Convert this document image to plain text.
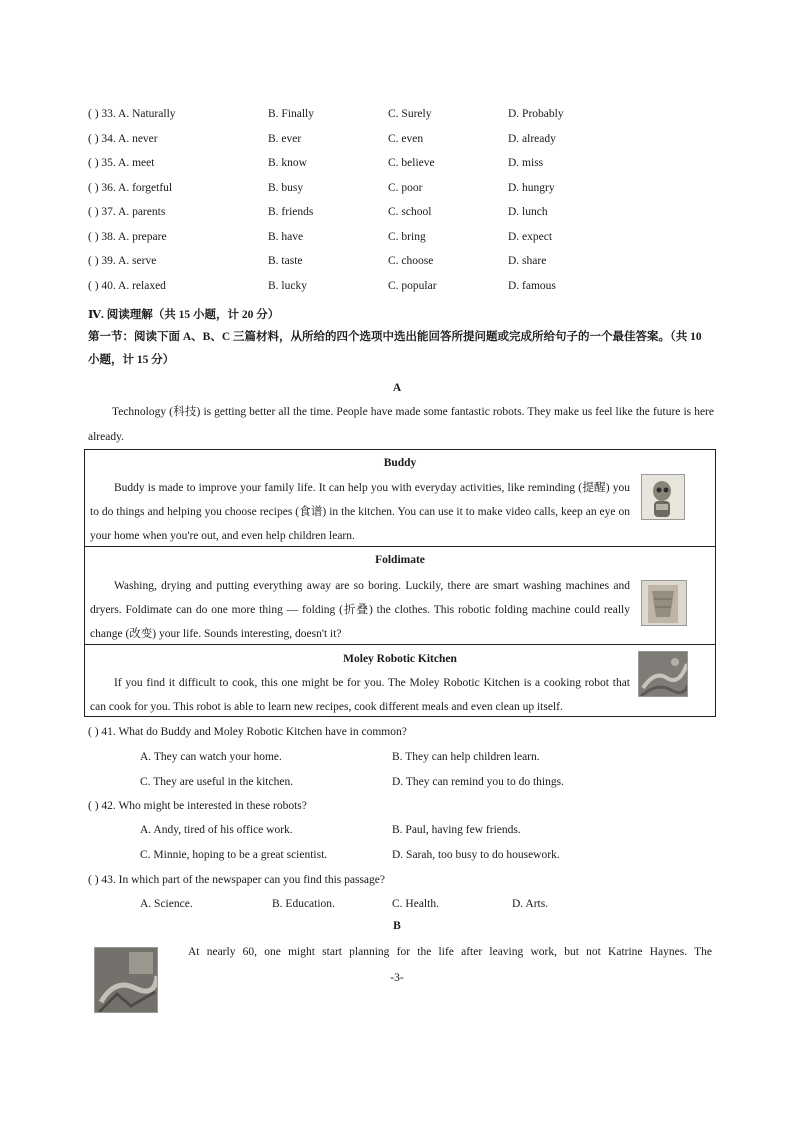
( ) 33. A. Naturally	B. Finally	C. Surely	D. Probably
( ) 34. A. never	B. ever	C. even	D. already
( ) 35. A. meet	B. know	C. believe	D. miss
( ) 36. A. forgetful	B. busy	C. poor	D. hungry
( ) 37. A. parents	B. friends	C. school	D. lunch
( ) 38. A. prepare	B. have	C. bring	D. expect
( ) 39. A. serve	B. taste	C. choose	D. share
( ) 40. A. relaxed	B. lucky	C. popular	D. famous
Ⅳ. 阅读理解（共 15 小题，计 20 分）
第一节：阅读下面 A、B、C 三篇材料，从所给的四个选项中选出能回答所提问题或完成所给句子的一个最佳答案。（共 10 小题，计 15 分）
A
Technology (科技) is getting better all the time. People have made some fantastic robots. They make us feel like the future is here already.
Buddy
Buddy is made to improve your family life. It can help you with everyday activities, like reminding (提醒) you to do things and helping you choose recipes (食谱) in the kitchen. You can use it to make video calls, keep an eye on your home when you're out, and even help children learn.
Foldimate
Washing, drying and putting everything away are so boring. Luckily, there are smart washing machines and dryers. Foldimate can do one more thing — folding (折叠) the clothes. This robotic folding machine could really change (改变) your life. Sounds interesting, doesn't it?
Moley Robotic Kitchen
If you find it difficult to cook, this one might be for you. The Moley Robotic Kitchen is a cooking robot that can cook for you. This robot is able to learn new recipes, cook different meals and even clean up itself.
( ) 41. What do Buddy and Moley Robotic Kitchen have in common?
A. They can watch your home.	B. They can help children learn.
C. They are useful in the kitchen.	D. They can remind you to do things.
( ) 42. Who might be interested in these robots?
A. Andy, tired of his office work.	B. Paul, having few friends.
C. Minnie, hoping to be a great scientist.	D. Sarah, too busy to do housework.
( ) 43. In which part of the newspaper can you find this passage?
A. Science.	B. Education.	C. Health.	D. Arts.
B
At nearly 60, one might start planning for the life after leaving work, but not Katrine Haynes. The
-3-
